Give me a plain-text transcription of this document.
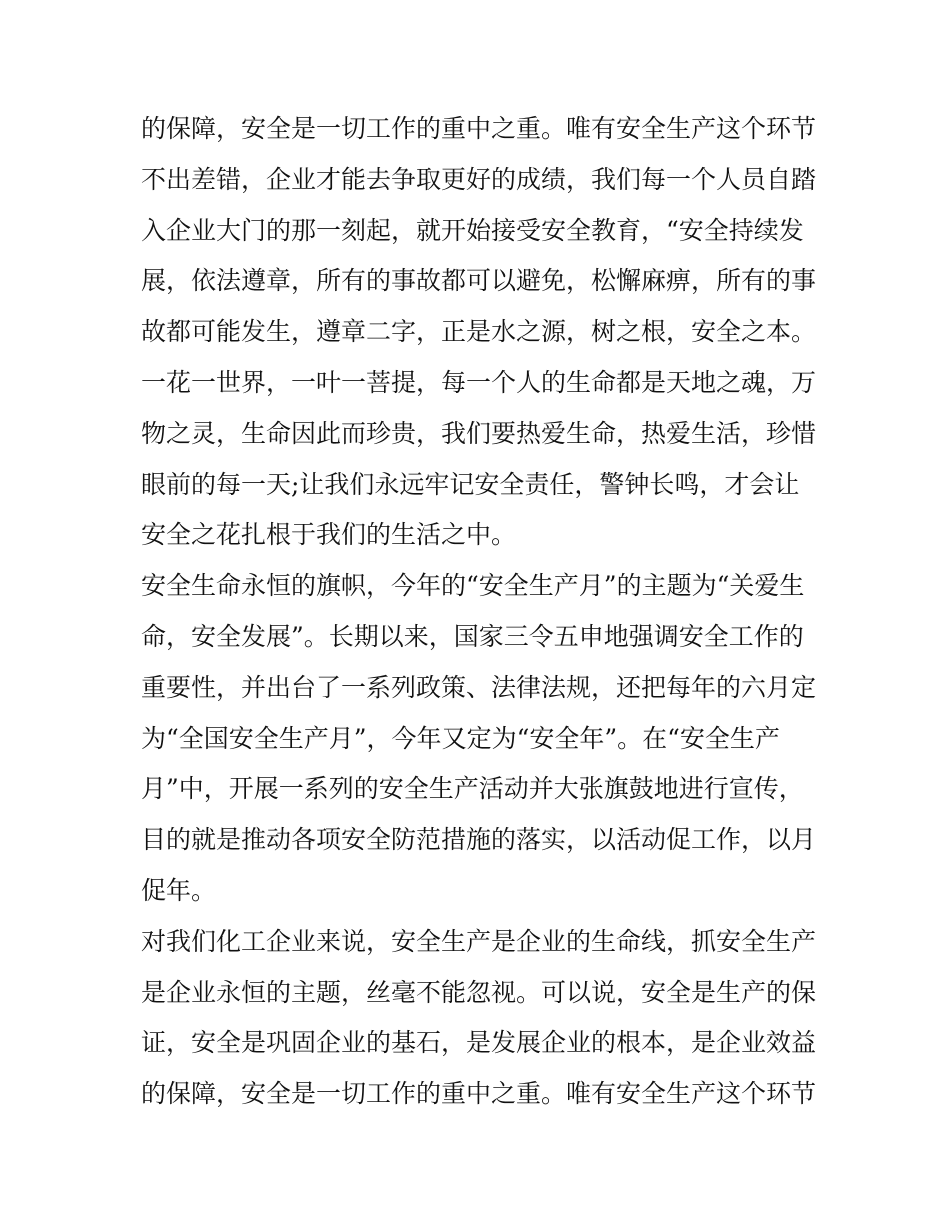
的保障，安全是一切工作的重中之重。唯有安全生产这个环节
不出差错，企业才能去争取更好的成绩，我们每一个人员自踏
入企业大门的那一刻起，就开始接受安全教育，“安全持续发
展，依法遵章，所有的事故都可以避免，松懈麻痹，所有的事
故都可能发生，遵章二字，正是水之源，树之根，安全之本。
一花一世界，一叶一菩提，每一个人的生命都是天地之魂，万
物之灵，生命因此而珍贵，我们要热爱生命，热爱生活，珍惜
眼前的每一天;让我们永远牢记安全责任，警钟长鸣，才会让
安全之花扎根于我们的生活之中。
安全生命永恒的旗帜，今年的“安全生产月”的主题为“关爱生
命，安全发展”。长期以来，国家三令五申地强调安全工作的
重要性，并出台了一系列政策、法律法规，还把每年的六月定
为“全国安全生产月”，今年又定为“安全年”。在“安全生产
月”中，开展一系列的安全生产活动并大张旗鼓地进行宣传，
目的就是推动各项安全防范措施的落实，以活动促工作，以月
促年。
对我们化工企业来说，安全生产是企业的生命线，抓安全生产
是企业永恒的主题，丝毫不能忽视。可以说，安全是生产的保
证，安全是巩固企业的基石，是发展企业的根本，是企业效益
的保障，安全是一切工作的重中之重。唯有安全生产这个环节
